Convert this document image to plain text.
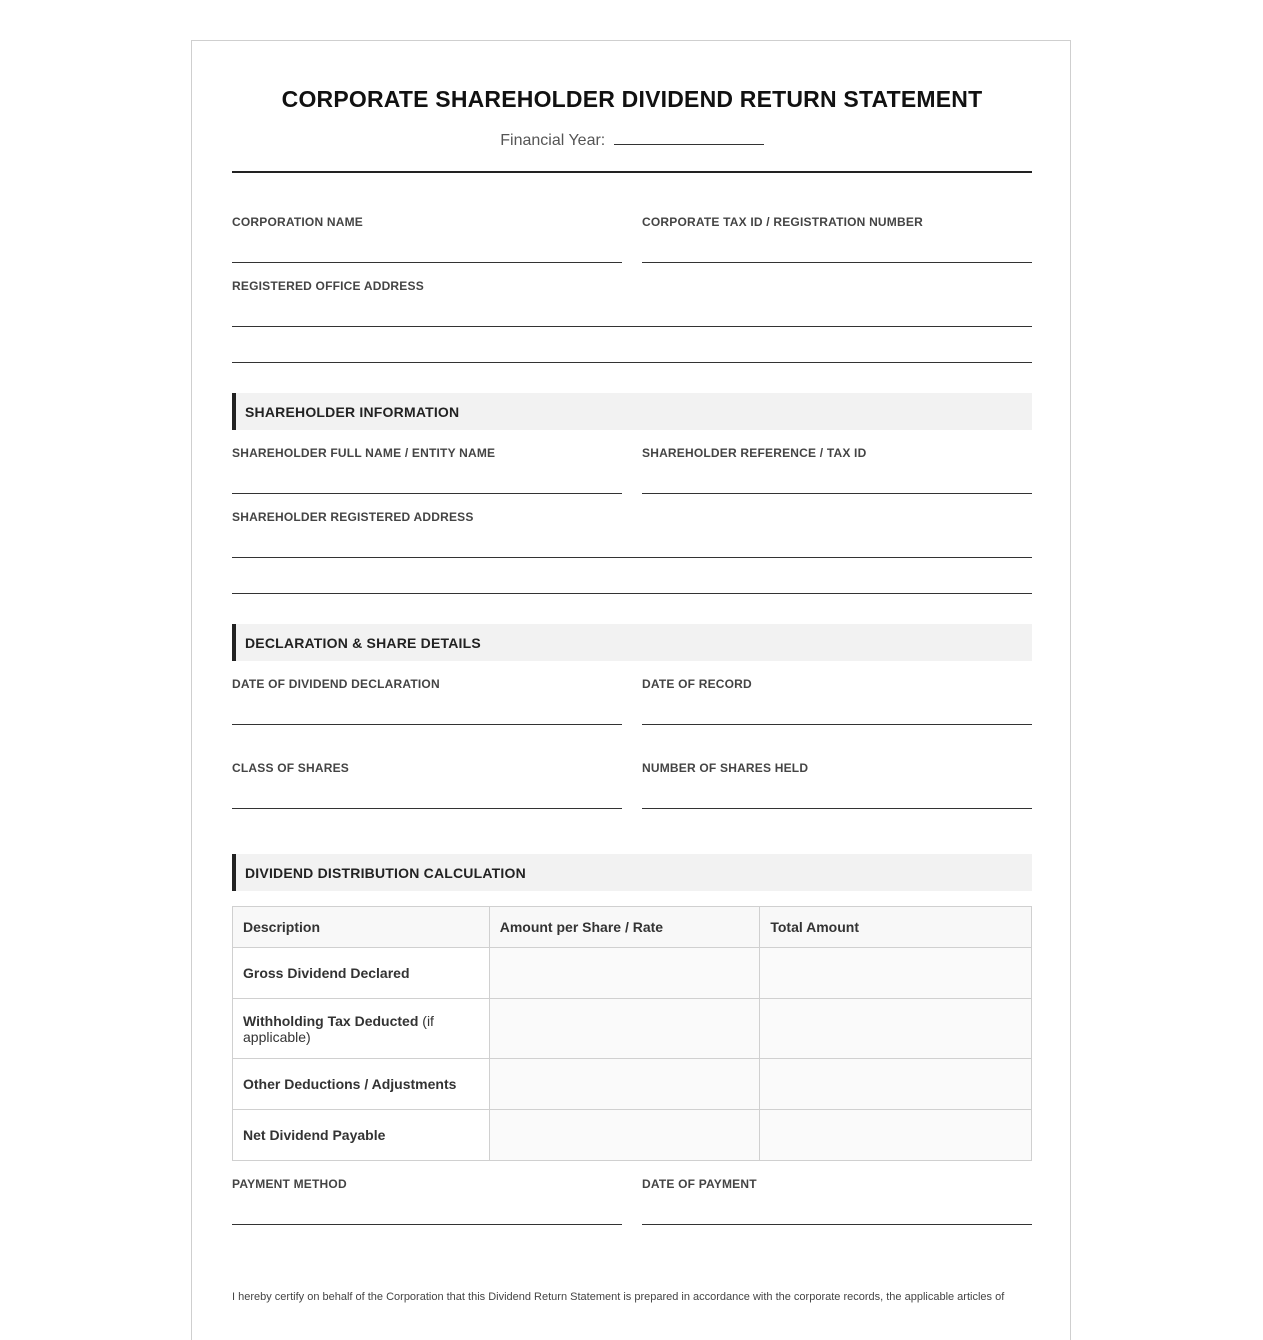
CORPORATE SHAREHOLDER DIVIDEND RETURN STATEMENT
Financial Year:
CORPORATION NAME	CORPORATE TAX ID / REGISTRATION NUMBER
REGISTERED OFFICE ADDRESS
SHAREHOLDER INFORMATION
SHAREHOLDER FULL NAME / ENTITY NAME	SHAREHOLDER REFERENCE / TAX ID
SHAREHOLDER REGISTERED ADDRESS
DECLARATION & SHARE DETAILS
DATE OF DIVIDEND DECLARATION	DATE OF RECORD
CLASS OF SHARES	NUMBER OF SHARES HELD
DIVIDEND DISTRIBUTION CALCULATION
Description	Amount per Share / Rate	Total Amount
Gross Dividend Declared		
Withholding Tax Deducted (if applicable)		
Other Deductions / Adjustments		
Net Dividend Payable		
PAYMENT METHOD	DATE OF PAYMENT
I hereby certify on behalf of the Corporation that this Dividend Return Statement is prepared in accordance with the corporate records, the applicable articles of
